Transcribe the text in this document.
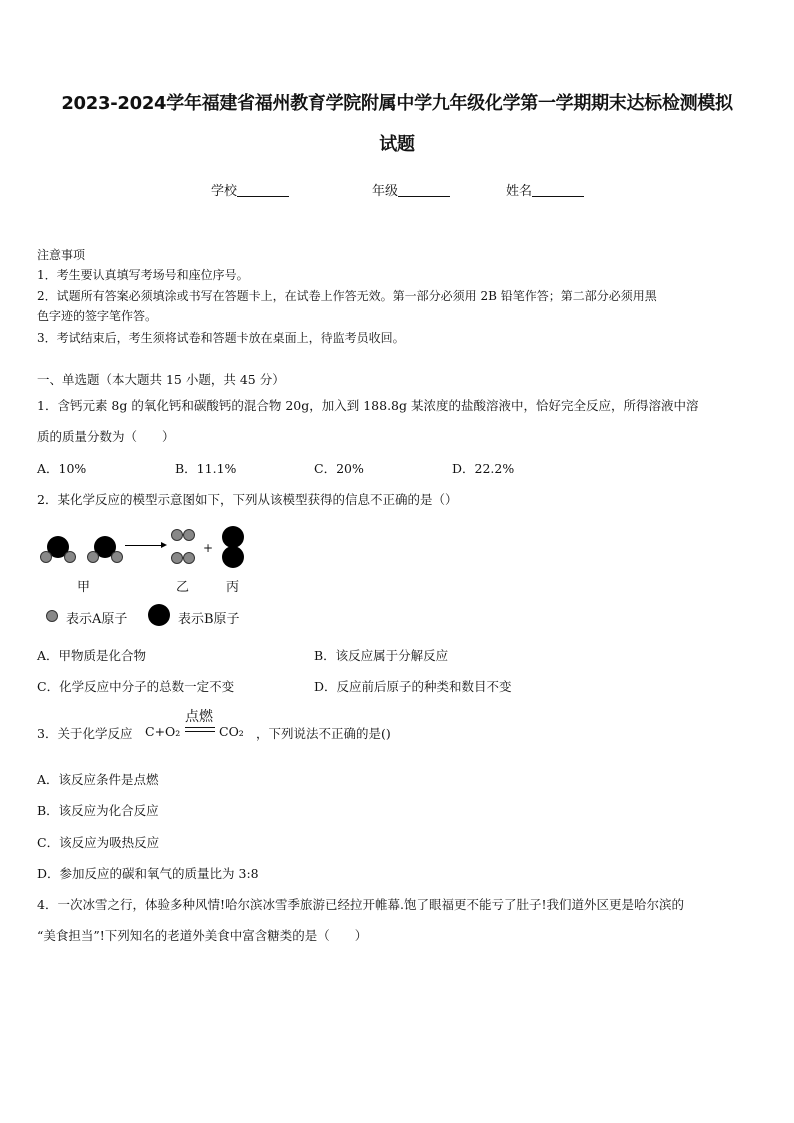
2023-2024学年福建省福州教育学院附属中学九年级化学第一学期期末达标检测模拟
试题
学校	年级	姓名
注意事项
1．考生要认真填写考场号和座位序号。
2．试题所有答案必须填涂或书写在答题卡上，在试卷上作答无效。第一部分必须用 2B 铅笔作答；第二部分必须用黑
色字迹的签字笔作答。
3．考试结束后，考生须将试卷和答题卡放在桌面上，待监考员收回。
一、单选题（本大题共 15 小题，共 45 分）
1．含钙元素 8g 的氧化钙和碳酸钙的混合物 20g，加入到 188.8g 某浓度的盐酸溶液中，恰好完全反应，所得溶液中溶
质的质量分数为（　　）
A．10%	B．11.1%	C．20%	D．22.2%
2．某化学反应的模型示意图如下，下列从该模型获得的信息不正确的是（）
+
甲	乙	丙
表示A原子	表示B原子
A．甲物质是化合物	B．该反应属于分解反应
C．化学反应中分子的总数一定不变	D．反应前后原子的种类和数目不变
3．关于化学反应 C+O₂
点燃
CO₂ ，下列说法不正确的是()
A．该反应条件是点燃
B．该反应为化合反应
C．该反应为吸热反应
D．参加反应的碳和氧气的质量比为 3:8
4．一次冰雪之行，体验多种风情!哈尔滨冰雪季旅游已经拉开帷幕.饱了眼福更不能亏了肚子!我们道外区更是哈尔滨的
“美食担当”!下列知名的老道外美食中富含糖类的是（　　）
